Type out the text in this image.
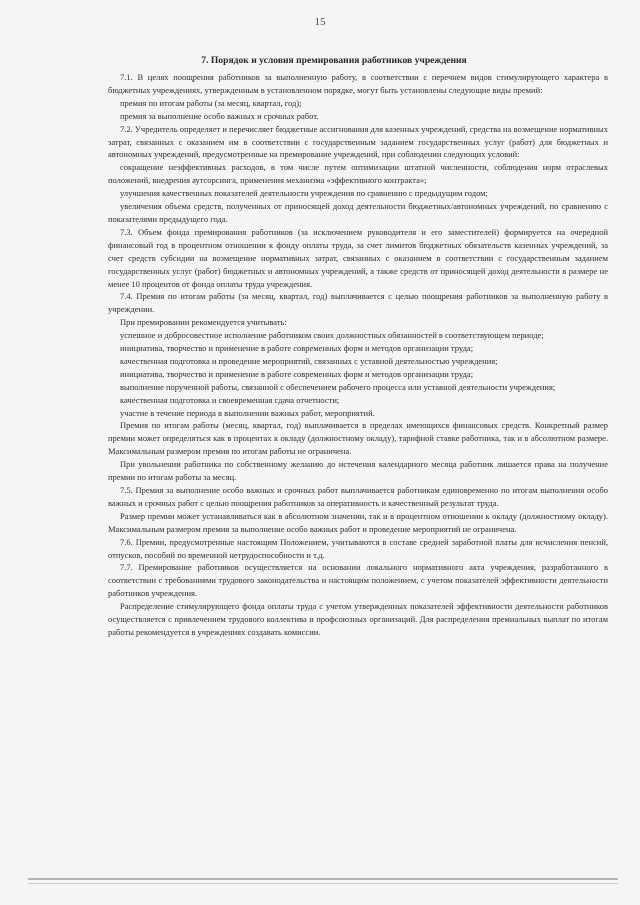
15
7. Порядок и условия премирования работников учреждения

7.1. В целях поощрения работников за выполненную работу, в соответствии с перечнем видов стимулирующего характера в бюджетных учреждениях, утвержденным в установленном порядке, могут быть установлены следующие виды премий:

премия по итогам работы (за месяц, квартал, год);

премия за выполнение особо важных и срочных работ.

7.2. Учредитель определяет и перечисляет бюджетные ассигнования для казенных учреждений, средства на возмещение нормативных затрат, связанных с оказанием им в соответствии с государственным заданием государственных услуг (работ) для бюджетных и автономных учреждений, предусмотренные на премирование учреждений, при соблюдении следующих условий:

сокращение неэффективных расходов, в том числе путем оптимизации штатной численности, соблюдения норм отраслевых положений, внедрения аутсорсинга, применения механизма «эффективного контракта»;

улучшения качественных показателей деятельности учреждения по сравнению с предыдущим годом;

увеличения объема средств, полученных от приносящей доход деятельности бюджетных/автономных учреждений, по сравнению с показателями предыдущего года.

7.3. Объем фонда премирования работников (за исключением руководителя и его заместителей) формируется на очередной финансовый год в процентном отношении к фонду оплаты труда, за счет лимитов бюджетных обязательств казенных учреждений, за счет средств субсидии на возмещение нормативных затрат, связанных с оказанием в соответствии с государственным заданием государственных услуг (работ) бюджетных и автономных учреждений, а также средств от приносящей доход деятельности в размере не менее 10 процентов от фонда оплаты труда учреждения.

7.4. Премия по итогам работы (за месяц, квартал, год) выплачивается с целью поощрения работников за выполненную работу в учреждении.

При премировании рекомендуется учитывать:

успешное и добросовестное исполнение работником своих должностных обязанностей в соответствующем периоде;

инициатива, творчество и применение в работе современных форм и методов организации труда;

качественная подготовка и проведение мероприятий, связанных с уставной деятельностью учреждения;

инициатива, творчество и применение в работе современных форм и методов организации труда;

выполнение порученной работы, связанной с обеспечением рабочего процесса или уставной деятельности учреждения;

качественная подготовка и своевременная сдача отчетности;

участие в течение периода в выполнении важных работ, мероприятий.

Премия по итогам работы (месяц, квартал, год) выплачивается в пределах имеющихся финансовых средств. Конкретный размер премии может определяться как в процентах к окладу (должностному окладу), тарифной ставке работника, так и в абсолютном размере. Максимальным размером премия по итогам работы не ограничена.

При увольнении работника по собственному желанию до истечения календарного месяца работник лишается права на получение премии по итогам работы за месяц.

7.5. Премия за выполнение особо важных и срочных работ выплачивается работникам единовременно по итогам выполнения особо важных и срочных работ с целью поощрения работников за оперативность и качественный результат труда.

Размер премии может устанавливаться как в абсолютном значении, так и в процентном отношении к окладу (должностному окладу). Максимальным размером премия за выполнение особо важных работ и проведение мероприятий не ограничена.

7.6. Премии, предусмотренные настоящим Положением, учитываются в составе средней заработной платы для исчисления пенсий, отпусков, пособий по временной нетрудоспособности и т.д.

7.7. Премирование работников осуществляется на основании локального нормативного акта учреждения, разработанного в соответствии с требованиями трудового законодательства и настоящим положением, с учетом показателей эффективности деятельности работников учреждения.

Распределение стимулирующего фонда оплаты труда с учетом утвержденных показателей эффективности деятельности работников осуществляется с привлечением трудового коллектива и профсоюзных организаций. Для распределения премиальных выплат по итогам работы рекомендуется в учреждениях создавать комиссии.
